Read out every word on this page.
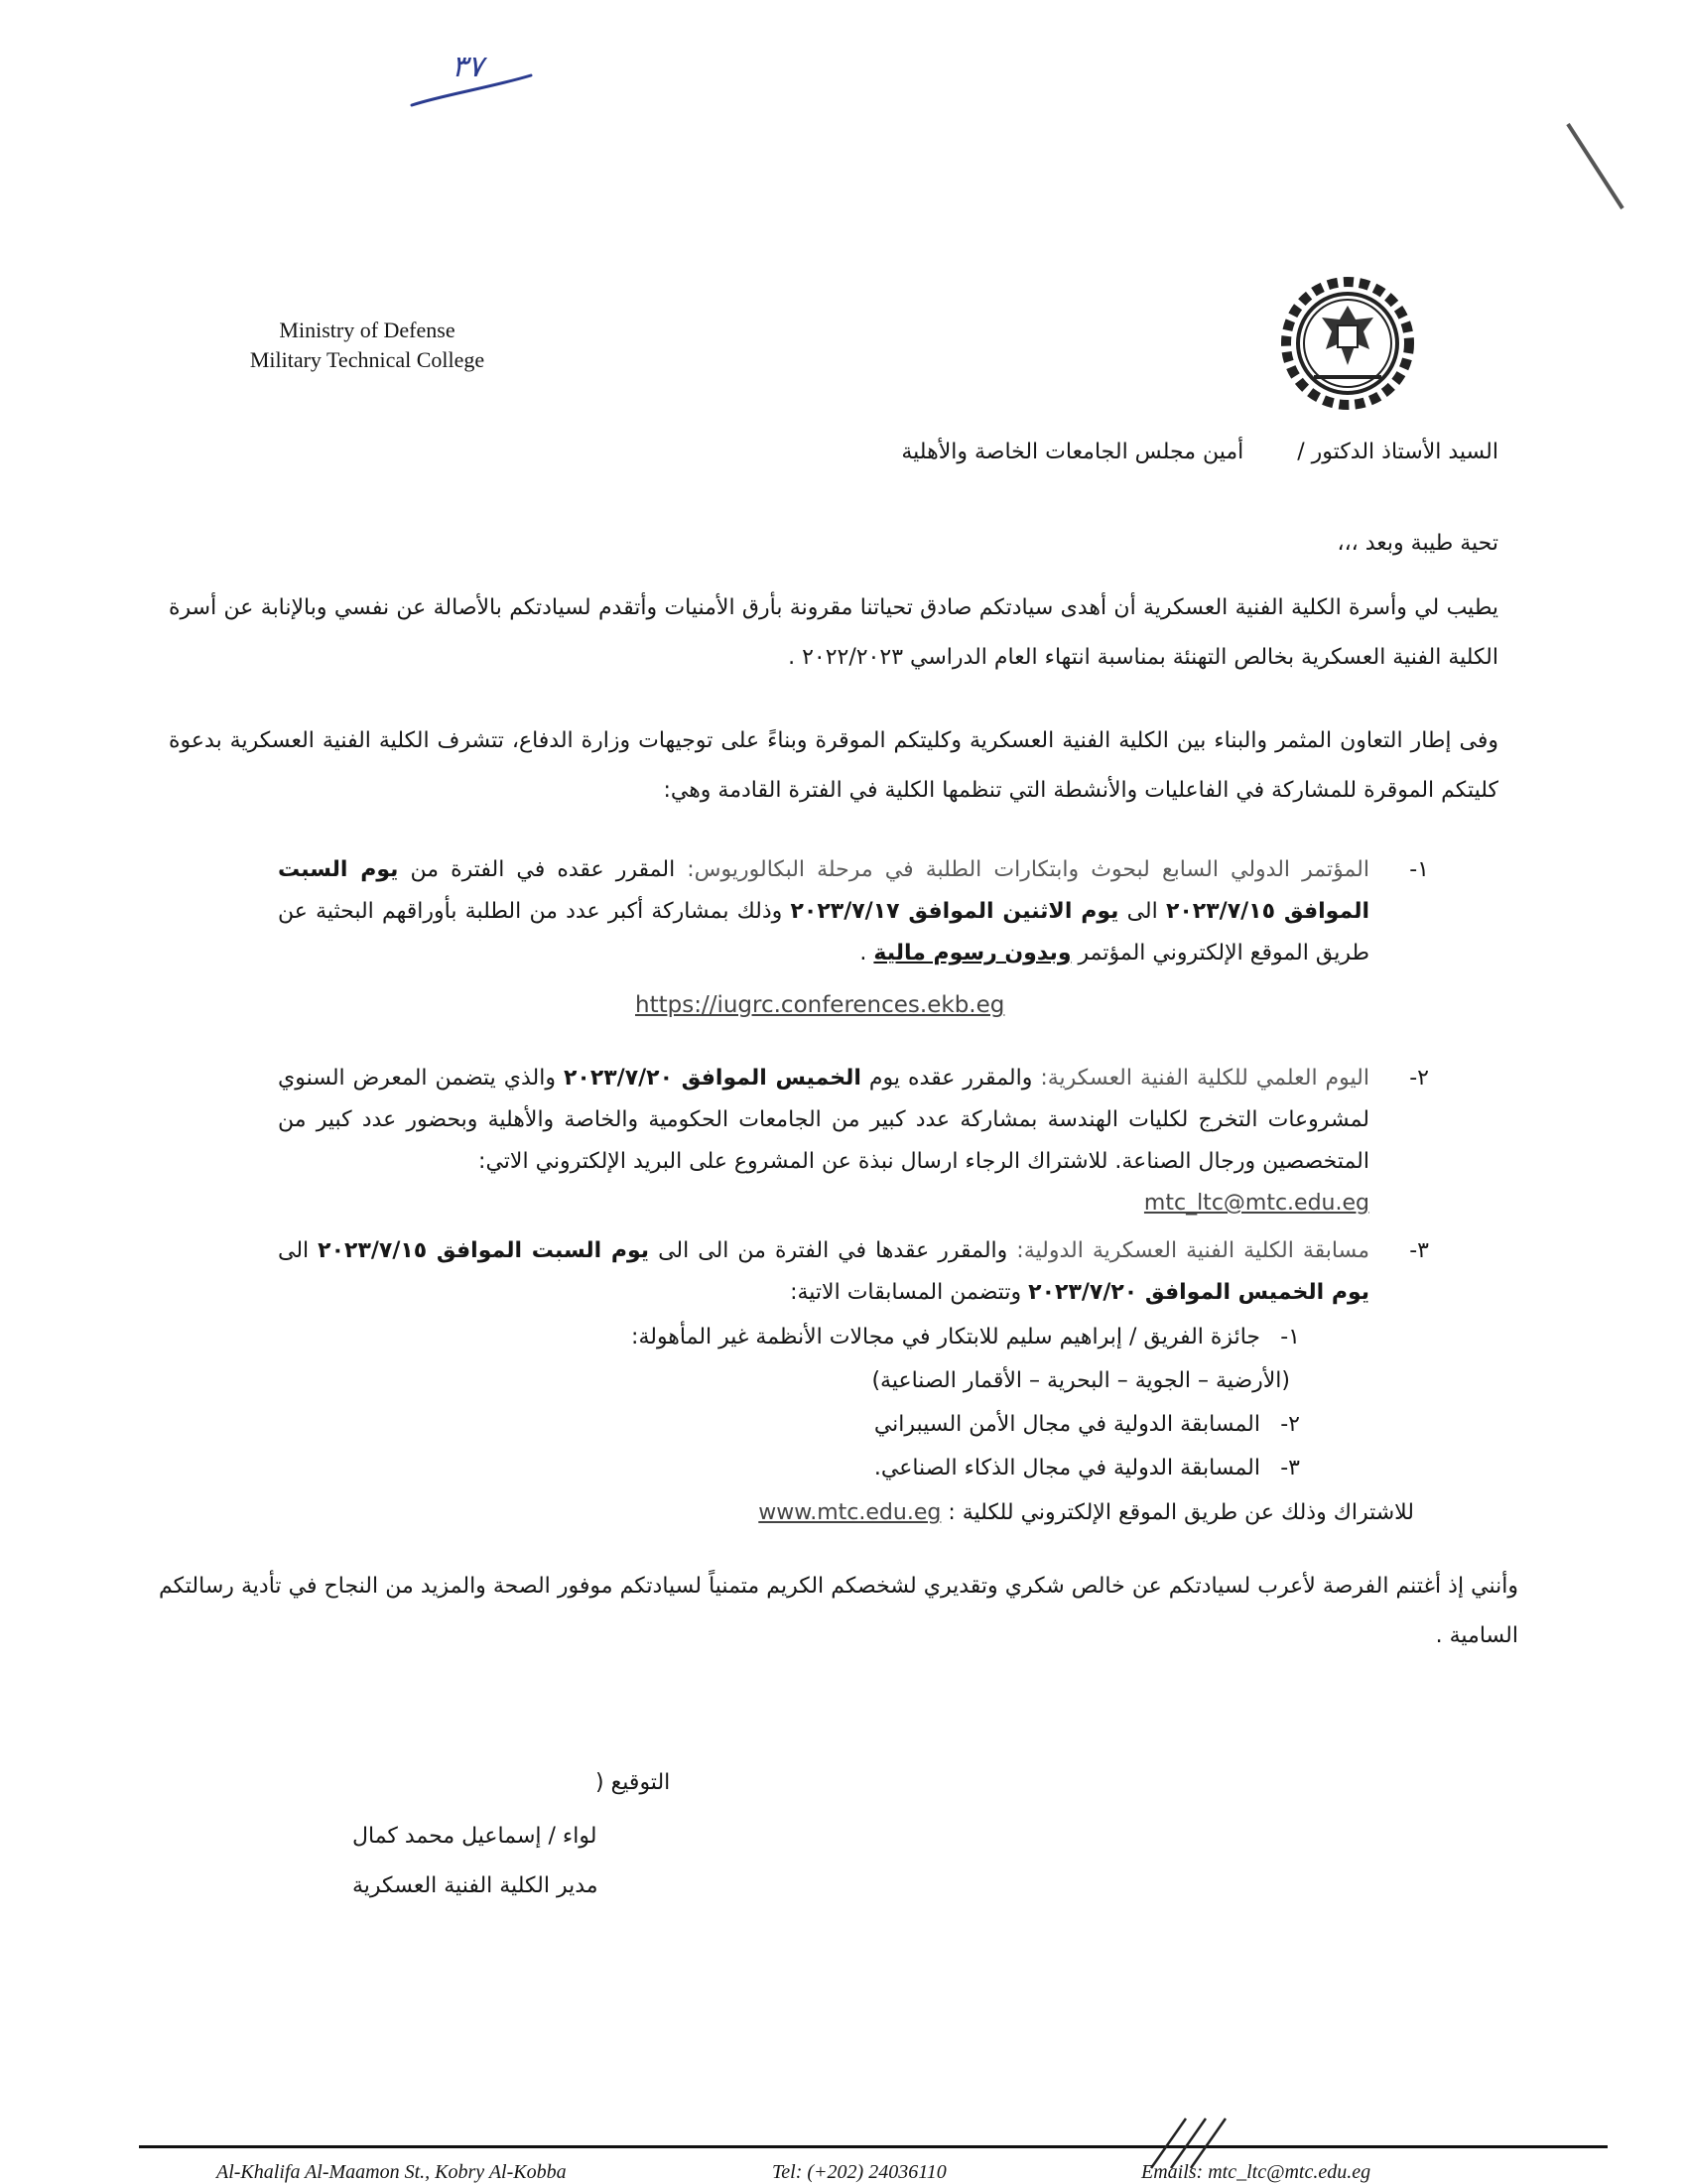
٣٧
Ministry of Defense
Military Technical College
السيد الأستاذ الدكتور /  أمين مجلس الجامعات الخاصة والأهلية
تحية طيبة وبعد ،،،
يطيب لي وأسرة الكلية الفنية العسكرية أن أهدى سيادتكم صادق تحياتنا مقرونة بأرق الأمنيات وأتقدم لسيادتكم بالأصالة عن نفسي وبالإنابة عن أسرة الكلية الفنية العسكرية بخالص التهنئة بمناسبة انتهاء العام الدراسي ٢٠٢٢/٢٠٢٣ .
وفى إطار التعاون المثمر والبناء بين الكلية الفنية العسكرية وكليتكم الموقرة وبناءً على توجيهات وزارة الدفاع، تتشرف الكلية الفنية العسكرية بدعوة كليتكم الموقرة للمشاركة في الفاعليات والأنشطة التي تنظمها الكلية في الفترة القادمة وهي:
١-
المؤتمر الدولي السابع لبحوث وابتكارات الطلبة في مرحلة البكالوريوس: المقرر عقده في الفترة من يوم السبت الموافق ٢٠٢٣/٧/١٥ الى يوم الاثنين الموافق ٢٠٢٣/٧/١٧ وذلك بمشاركة أكبر عدد من الطلبة بأوراقهم البحثية عن طريق الموقع الإلكتروني المؤتمر وبدون رسوم مالية .
https://iugrc.conferences.ekb.eg
٢-
اليوم العلمي للكلية الفنية العسكرية: والمقرر عقده يوم الخميس الموافق ٢٠٢٣/٧/٢٠ والذي يتضمن المعرض السنوي لمشروعات التخرج لكليات الهندسة بمشاركة عدد كبير من الجامعات الحكومية والخاصة والأهلية وبحضور عدد كبير من المتخصصين ورجال الصناعة. للاشتراك الرجاء ارسال نبذة عن المشروع على البريد الإلكتروني الاتي:
mtc_ltc@mtc.edu.eg
٣-
مسابقة الكلية الفنية العسكرية الدولية: والمقرر عقدها في الفترة من الى الى يوم السبت الموافق ٢٠٢٣/٧/١٥ الى يوم الخميس الموافق ٢٠٢٣/٧/٢٠ وتتضمن المسابقات الاتية:
١-جائزة الفريق / إبراهيم سليم للابتكار في مجالات الأنظمة غير المأهولة:
(الأرضية – الجوية – البحرية – الأقمار الصناعية)
٢-المسابقة الدولية في مجال الأمن السيبراني
٣-المسابقة الدولية في مجال الذكاء الصناعي.
للاشتراك وذلك عن طريق الموقع الإلكتروني للكلية : www.mtc.edu.eg
وأنني إذ أغتنم الفرصة لأعرب لسيادتكم عن خالص شكري وتقديري لشخصكم الكريم متمنياً لسيادتكم موفور الصحة والمزيد من النجاح في تأدية رسالتكم السامية .
التوقيع (
لواء / إسماعيل محمد كمال
مدير الكلية الفنية العسكرية
Al-Khalifa Al-Maamon St., Kobry Al-Kobba	Tel: (+202) 24036110	Emails: mtc_ltc@mtc.edu.eg
